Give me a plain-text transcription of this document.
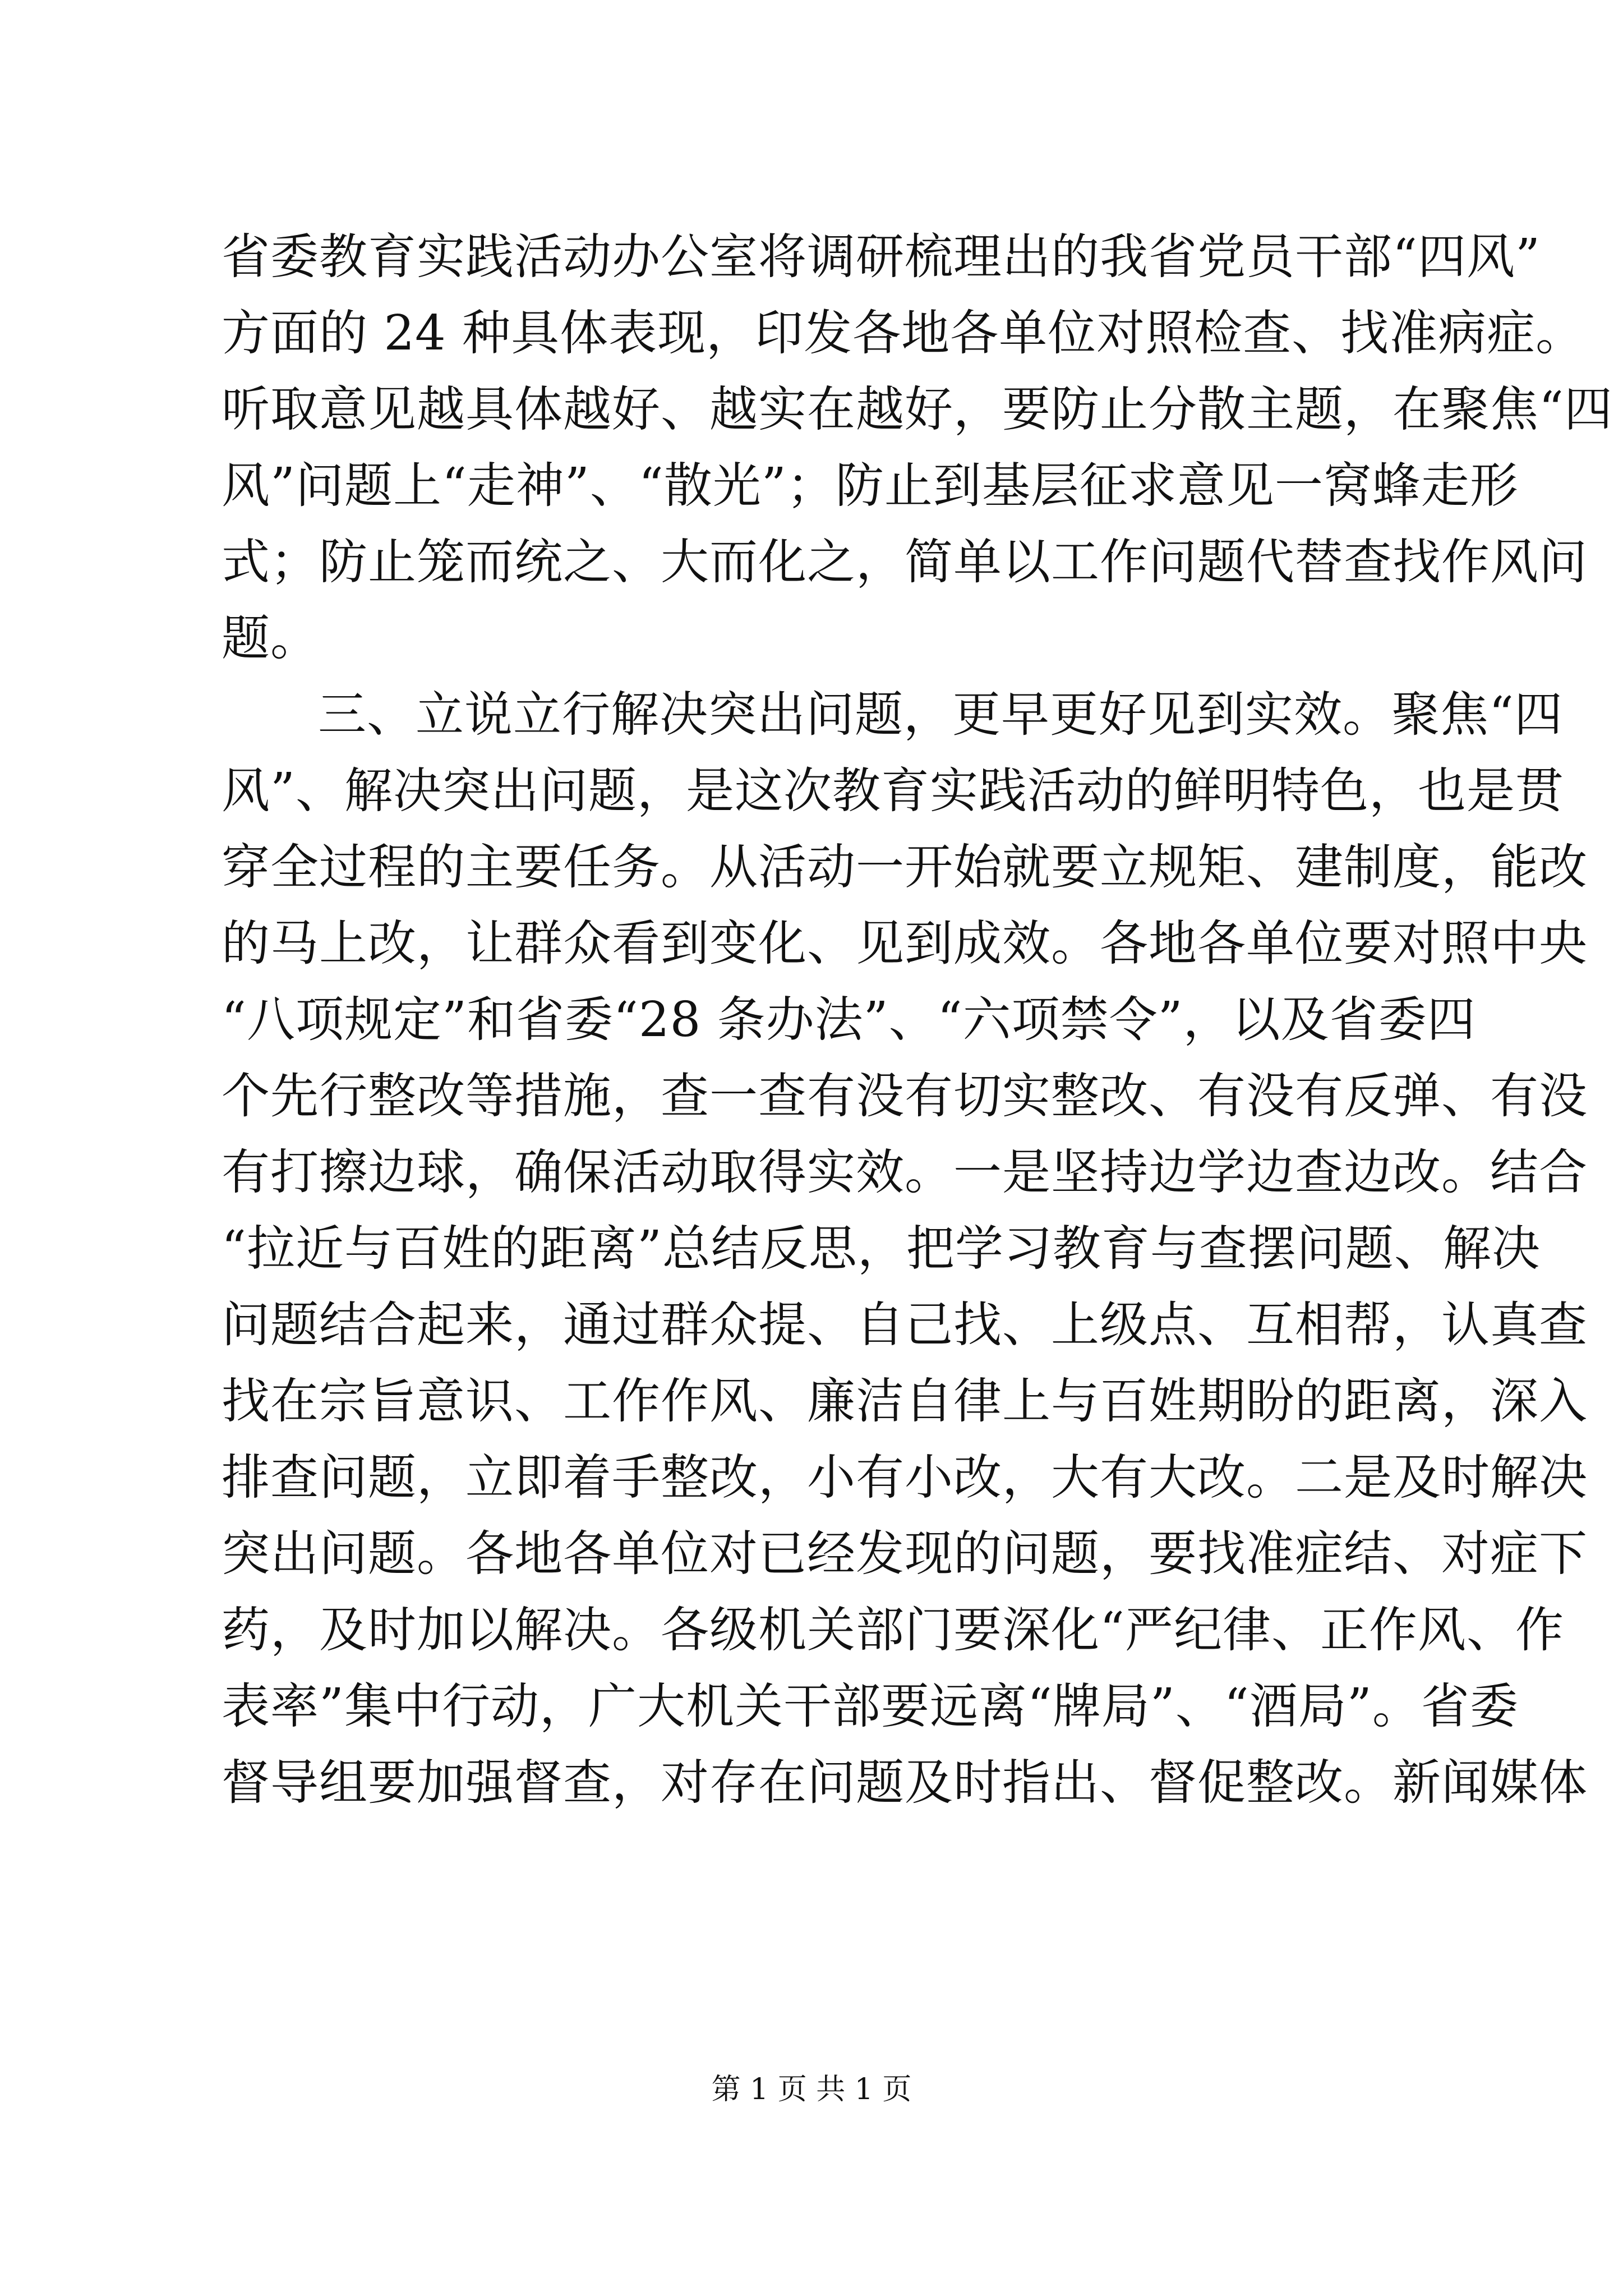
省委教育实践活动办公室将调研梳理出的我省党员干部“四风”
方面的 24 种具体表现，印发各地各单位对照检查、找准病症。
听取意见越具体越好、越实在越好，要防止分散主题，在聚焦“四
风”问题上“走神”、“散光”；防止到基层征求意见一窝蜂走形
式；防止笼而统之、大而化之，简单以工作问题代替查找作风问
题。
三、立说立行解决突出问题，更早更好见到实效。聚焦“四
风”、解决突出问题，是这次教育实践活动的鲜明特色，也是贯
穿全过程的主要任务。从活动一开始就要立规矩、建制度，能改
的马上改，让群众看到变化、见到成效。各地各单位要对照中央
“八项规定”和省委“28 条办法”、“六项禁令”，以及省委四
个先行整改等措施，查一查有没有切实整改、有没有反弹、有没
有打擦边球，确保活动取得实效。一是坚持边学边查边改。结合
“拉近与百姓的距离”总结反思，把学习教育与查摆问题、解决
问题结合起来，通过群众提、自己找、上级点、互相帮，认真查
找在宗旨意识、工作作风、廉洁自律上与百姓期盼的距离，深入
排查问题，立即着手整改，小有小改，大有大改。二是及时解决
突出问题。各地各单位对已经发现的问题，要找准症结、对症下
药，及时加以解决。各级机关部门要深化“严纪律、正作风、作
表率”集中行动，广大机关干部要远离“牌局”、“酒局”。省委
督导组要加强督查，对存在问题及时指出、督促整改。新闻媒体
第 1 页 共 1 页
